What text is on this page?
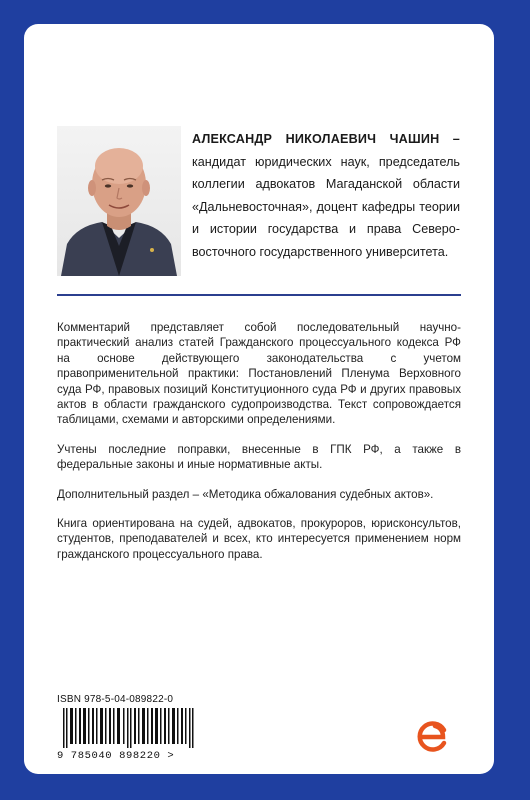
АЛЕКСАНДР НИКОЛАЕВИЧ ЧАШИН – кандидат юридических наук, председатель коллегии адвокатов Магаданской области «Дальневосточная», доцент кафедры теории и истории государства и права Северо-восточного государственного университета.

Комментарий представляет собой последовательный научно-практический анализ статей Гражданского процессуального кодекса РФ на основе действующего законодательства с учетом правоприменительной практики: Постановлений Пленума Верховного суда РФ, правовых позиций Конституционного суда РФ и других правовых актов в области гражданского судопроизводства. Текст сопровождается таблицами, схемами и авторскими определениями.

Учтены последние поправки, внесенные в ГПК РФ, а также в федеральные законы и иные нормативные акты.

Дополнительный раздел – «Методика обжалования судебных актов».

Книга ориентирована на судей, адвокатов, прокуроров, юрисконсультов, студентов, преподавателей и всех, кто интересуется применением норм гражданского процессуального права.

ISBN 978-5-04-089822-0
9 785040 898220 >
